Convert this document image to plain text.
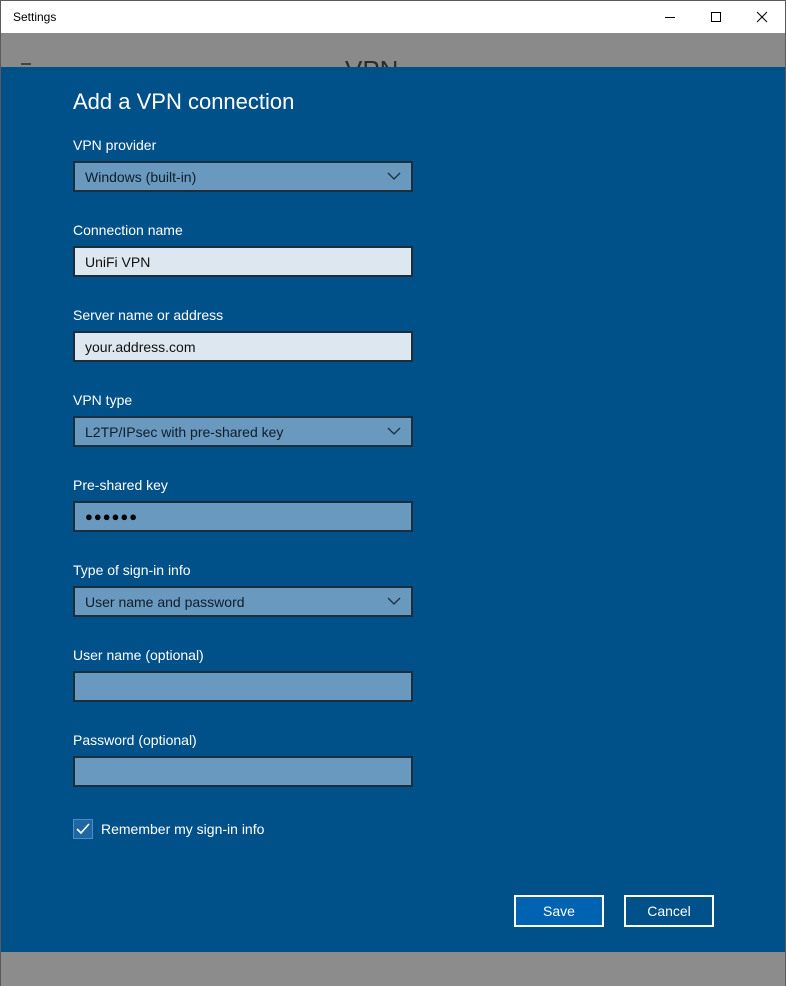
Settings
Add a VPN connection
VPN provider
Windows (built-in)
Connection name
UniFi VPN
Server name or address
your.address.com
VPN type
L2TP/IPsec with pre-shared key
Pre-shared key
●●●●●●
Type of sign-in info
User name and password
User name (optional)
Password (optional)
Remember my sign-in info
Save	Cancel
